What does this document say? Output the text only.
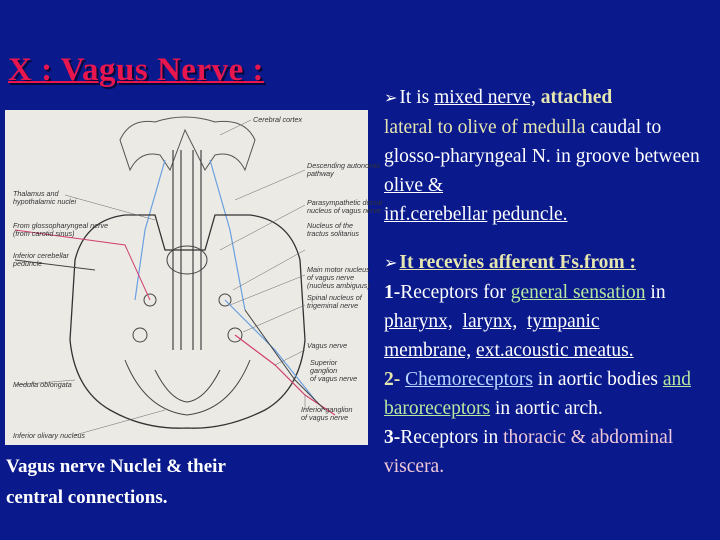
X : Vagus Nerve :
Cerebral cortex
Descending autonomic
pathway
Thalamus and
hypothalamic nuclei	Parasympathetic dorsal
nucleus of vagus nerve
From glossopharyngeal nerve
(from carotid sinus)
Nucleus of the
tractus solitarius
Inferior cerebellar
peduncle
Main motor nucleus
of vagus nerve
(nucleus ambiguus)
Spinal nucleus of
trigeminal nerve
Vagus nerve
Superior
ganglion
of vagus nerve
Medulla oblongata
Inferior ganglion
of vagus nerve
Inferior olivary nucleus
Vagus nerve Nuclei & their
central connections.

➢ It is mixed nerve, attached
lateral to olive of medulla caudal to glosso-pharyngeal N. in groove between olive &
inf.cerebellar peduncle.

➢ It recevies afferent Fs.from :
1-Receptors for general sensation in pharynx, larynx, tympanic
membrane, ext.acoustic meatus.
2- Chemoreceptors in aortic bodies and baroreceptors in aortic arch.
3-Receptors in thoracic & abdominal viscera.
